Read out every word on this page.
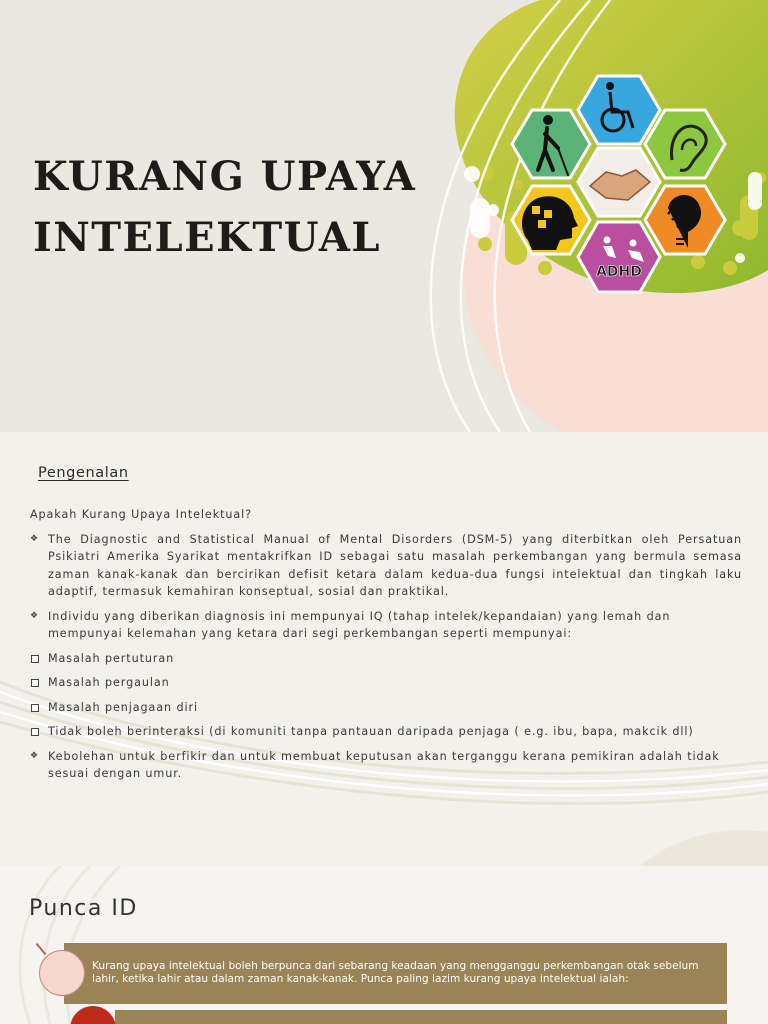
KURANG UPAYA
INTELEKTUAL
ADHD
Pengenalan
Apakah Kurang Upaya Intelektual?
❖ The Diagnostic and Statistical Manual of Mental Disorders (DSM-5) yang diterbitkan oleh Persatuan Psikiatri Amerika Syarikat mentakrifkan ID sebagai satu masalah perkembangan yang bermula semasa zaman kanak-kanak dan bercirikan defisit ketara dalam kedua-dua fungsi intelektual dan tingkah laku adaptif, termasuk kemahiran konseptual, sosial dan praktikal.
❖ Individu yang diberikan diagnosis ini mempunyai IQ (tahap intelek/kepandaian) yang lemah dan mempunyai kelemahan yang ketara dari segi perkembangan seperti mempunyai:
Masalah pertuturan
Masalah pergaulan
Masalah penjagaan diri
Tidak boleh berinteraksi (di komuniti tanpa pantauan daripada penjaga ( e.g. ibu, bapa, makcik dll)
❖ Kebolehan untuk berfikir dan untuk membuat keputusan akan terganggu kerana pemikiran adalah tidak sesuai dengan umur.
Punca ID
Kurang upaya intelektual boleh berpunca dari sebarang keadaan yang mengganggu perkembangan otak sebelum lahir, ketika lahir atau dalam zaman kanak-kanak. Punca paling lazim kurang upaya intelektual ialah:
